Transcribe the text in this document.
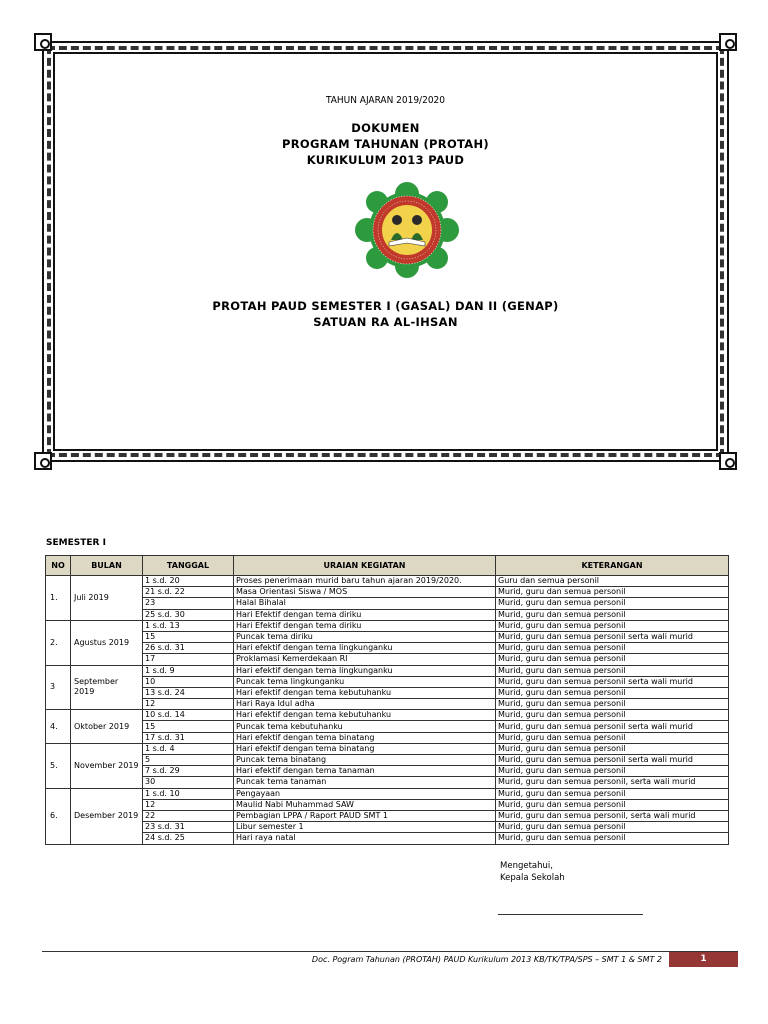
TAHUN AJARAN 2019/2020
DOKUMEN
PROGRAM TAHUNAN (PROTAH)
KURIKULUM 2013 PAUD
PROTAH PAUD SEMESTER I (GASAL) DAN II (GENAP)
SATUAN RA AL-IHSAN
SEMESTER I
NO	BULAN	TANGGAL	URAIAN KEGIATAN	KETERANGAN
1.	Juli 2019	1 s.d. 20	Proses penerimaan murid baru tahun ajaran 2019/2020.	Guru dan semua personil
		21 s.d. 22	Masa Orientasi Siswa / MOS	Murid, guru dan semua personil
		23	Halal Bihalal	Murid, guru dan semua personil
		25 s.d. 30	Hari Efektif dengan tema diriku	Murid, guru dan semua personil
2.	Agustus 2019	1 s.d. 13	Hari Efektif dengan tema diriku	Murid, guru dan semua personil
		15	Puncak tema diriku	Murid, guru dan semua personil serta wali murid
		26 s.d. 31	Hari efektif dengan tema lingkunganku	Murid, guru dan semua personil
		17	Proklamasi Kemerdekaan RI	Murid, guru dan semua personil
3	September 2019	1 s.d. 9	Hari efektif dengan tema lingkunganku	Murid, guru dan semua personil
		10	Puncak tema lingkunganku	Murid, guru dan semua personil serta wali murid
		13 s.d. 24	Hari efektif dengan tema kebutuhanku	Murid, guru dan semua personil
		12	Hari Raya Idul adha	Murid, guru dan semua personil
4.	Oktober 2019	10 s.d. 14	Hari efektif dengan tema kebutuhanku	Murid, guru dan semua personil
		15	Puncak tema kebutuhanku	Murid, guru dan semua personil serta wali murid
		17 s.d. 31	Hari efektif dengan tema binatang	Murid, guru dan semua personil
5.	November 2019	1 s.d. 4	Hari efektif dengan tema binatang	Murid, guru dan semua personil
		5	Puncak tema binatang	Murid, guru dan semua personil serta wali murid
		7 s.d. 29	Hari efektif dengan tema tanaman	Murid, guru dan semua personil
		30	Puncak tema tanaman	Murid, guru dan semua personil, serta wali murid
6.	Desember 2019	1 s.d. 10	Pengayaan	Murid, guru dan semua personil
		12	Maulid Nabi Muhammad SAW	Murid, guru dan semua personil
		22	Pembagian LPPA / Raport PAUD SMT 1	Murid, guru dan semua personil, serta wali murid
		23 s.d. 31	Libur semester 1	Murid, guru dan semua personil
		24 s.d. 25	Hari raya natal	Murid, guru dan semua personil
Mengetahui,
Kepala Sekolah
Doc. Pogram Tahunan (PROTAH) PAUD Kurikulum 2013 KB/TK/TPA/SPS – SMT 1 & SMT 2	1
